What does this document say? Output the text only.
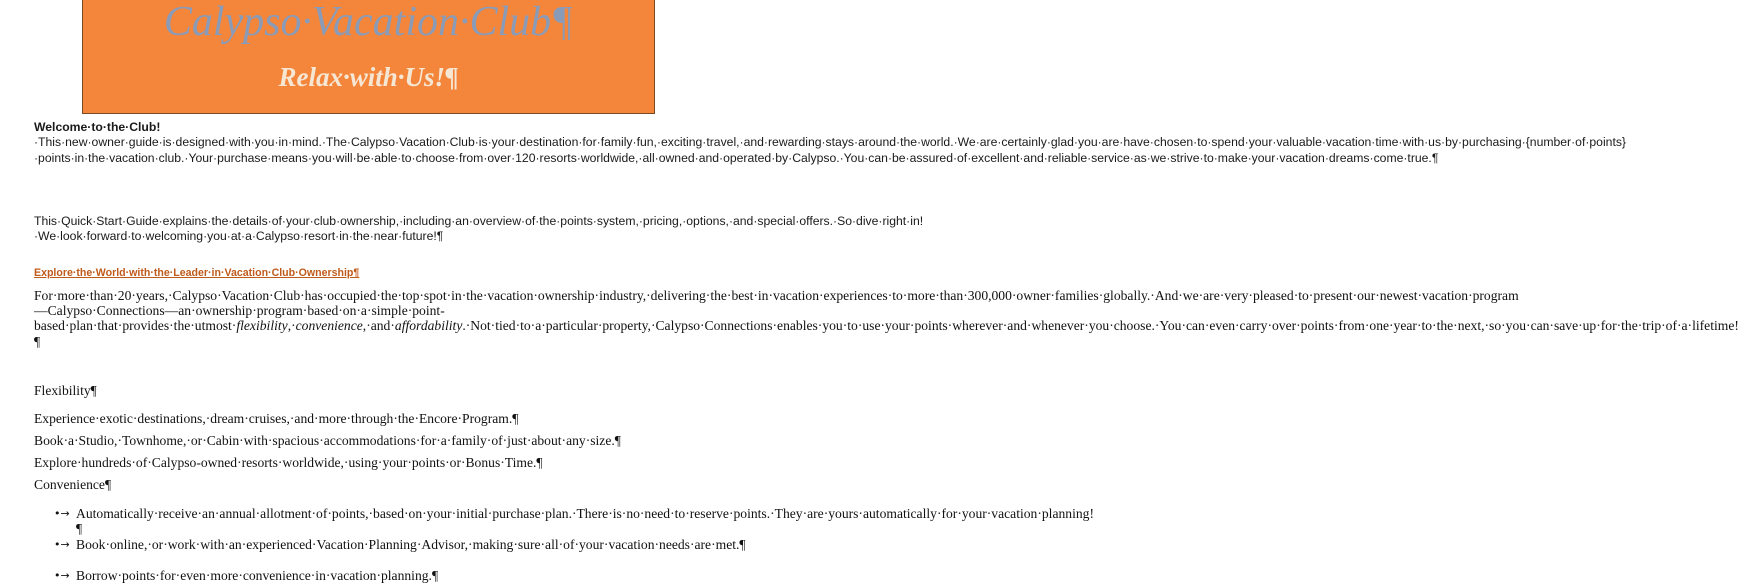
Calypso·Vacation·Club¶
Relax·with·Us!¶

Welcome·to·the·Club!·This·new·owner·guide·is·designed·with·you·in·mind.·The·Calypso·Vacation·Club·is·your·destination·for·family·fun,·exciting·travel,·and·rewarding·stays·around·the·world.·We·are·certainly·glad·you·are·have·chosen·to·spend·your·valuable·vacation·time·with·us·by·purchasing·{number·of·points}·points·in·the·vacation·club.·Your·purchase·means·you·will·be·able·to·choose·from·over·120·resorts·worldwide,·all·owned·and·operated·by·Calypso.·You·can·be·assured·of·excellent·and·reliable·service·as·we·strive·to·make·your·vacation·dreams·come·true.¶

This·Quick·Start·Guide·explains·the·details·of·your·club·ownership,·including·an·overview·of·the·points·system,·pricing,·options,·and·special·offers.·So·dive·right·in!·We·look·forward·to·welcoming·you·at·a·Calypso·resort·in·the·near·future!¶

Explore·the·World·with·the·Leader·in·Vacation·Club·Ownership¶

For·more·than·20·years,·Calypso·Vacation·Club·has·occupied·the·top·spot·in·the·vacation·ownership·industry,·delivering·the·best·in·vacation·experiences·to·more·than·300,000·owner·families·globally.·And·we·are·very·pleased·to·present·our·newest·vacation·program—Calypso·Connections—an·ownership·program·based·on·a·simple·point-based·plan·that·provides·the·utmost·flexibility,·convenience,·and·affordability.·Not·tied·to·a·particular·property,·Calypso·Connections·enables·you·to·use·your·points·wherever·and·whenever·you·choose.·You·can·even·carry·over·points·from·one·year·to·the·next,·so·you·can·save·up·for·the·trip·of·a·lifetime!¶

Flexibility¶

Experience·exotic·destinations,·dream·cruises,·and·more·through·the·Encore·Program.¶

Book·a·Studio,·Townhome,·or·Cabin·with·spacious·accommodations·for·a·family·of·just·about·any·size.¶

Explore·hundreds·of·Calypso-owned·resorts·worldwide,·using·your·points·or·Bonus·Time.¶

Convenience¶

•→ Automatically·receive·an·annual·allotment·of·points,·based·on·your·initial·purchase·plan.·There·is·no·need·to·reserve·points.·They·are·yours·automatically·for·your·vacation·planning!¶
•→ Book·online,·or·work·with·an·experienced·Vacation·Planning·Advisor,·making·sure·all·of·your·vacation·needs·are·met.¶
•→ Borrow·points·for·even·more·convenience·in·vacation·planning.¶
